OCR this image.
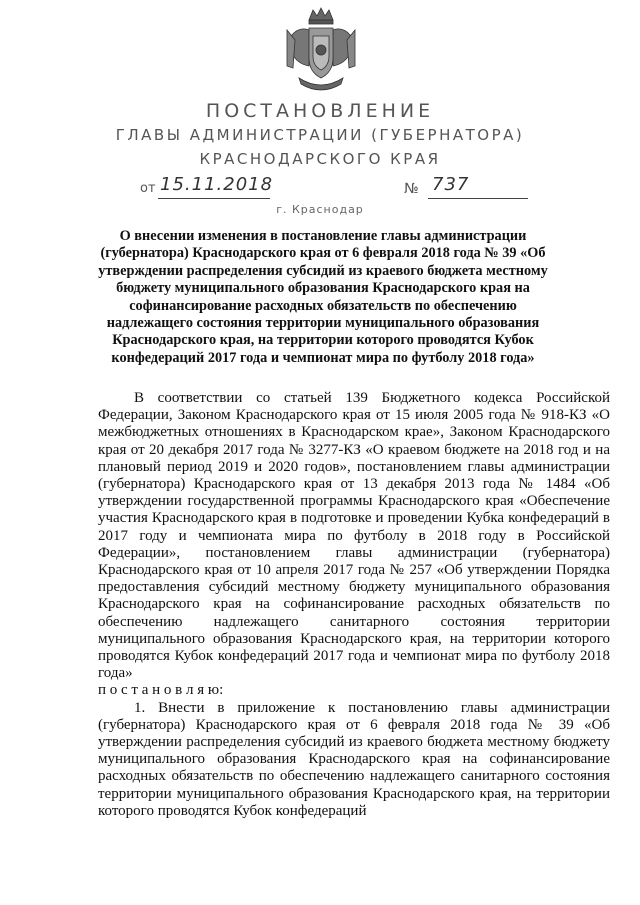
ПОСТАНОВЛЕНИЕ
ГЛАВЫ АДМИНИСТРАЦИИ (ГУБЕРНАТОРА)
КРАСНОДАРСКОГО КРАЯ
от 15.11.2018	№ 737
г. Краснодар
О внесении изменения в постановление главы администрации (губернатора) Краснодарского края от 6 февраля 2018 года № 39 «Об утверждении распределения субсидий из краевого бюджета местному бюджету муниципального образования Краснодарского края на софинансирование расходных обязательств по обеспечению надлежащего состояния территории муниципального образования Краснодарского края, на территории которого проводятся Кубок конфедераций 2017 года и чемпионат мира по футболу 2018 года»

В соответствии со статьей 139 Бюджетного кодекса Российской Федерации, Законом Краснодарского края от 15 июля 2005 года № 918-КЗ «О межбюджетных отношениях в Краснодарском крае», Законом Краснодарского края от 20 декабря 2017 года № 3277-КЗ «О краевом бюджете на 2018 год и на плановый период 2019 и 2020 годов», постановлением главы администрации (губернатора) Краснодарского края от 13 декабря 2013 года № 1484 «Об утверждении государственной программы Краснодарского края «Обеспечение участия Краснодарского края в подготовке и проведении Кубка конфедераций в 2017 году и чемпионата мира по футболу в 2018 году в Российской Федерации», постановлением главы администрации (губернатора) Краснодарского края от 10 апреля 2017 года № 257 «Об утверждении Порядка предоставления субсидий местному бюджету муниципального образования Краснодарского края на софинансирование расходных обязательств по обеспечению надлежащего санитарного состояния территории муниципального образования Краснодарского края, на территории которого проводятся Кубок конфедераций 2017 года и чемпионат мира по футболу 2018 года»

п о с т а н о в л я ю:

1. Внести в приложение к постановлению главы администрации (губернатора) Краснодарского края от 6 февраля 2018 года № 39 «Об утверждении распределения субсидий из краевого бюджета местному бюджету муниципального образования Краснодарского края на софинансирование расходных обязательств по обеспечению надлежащего санитарного состояния территории муниципального образования Краснодарского края, на территории которого проводятся Кубок конфедераций
